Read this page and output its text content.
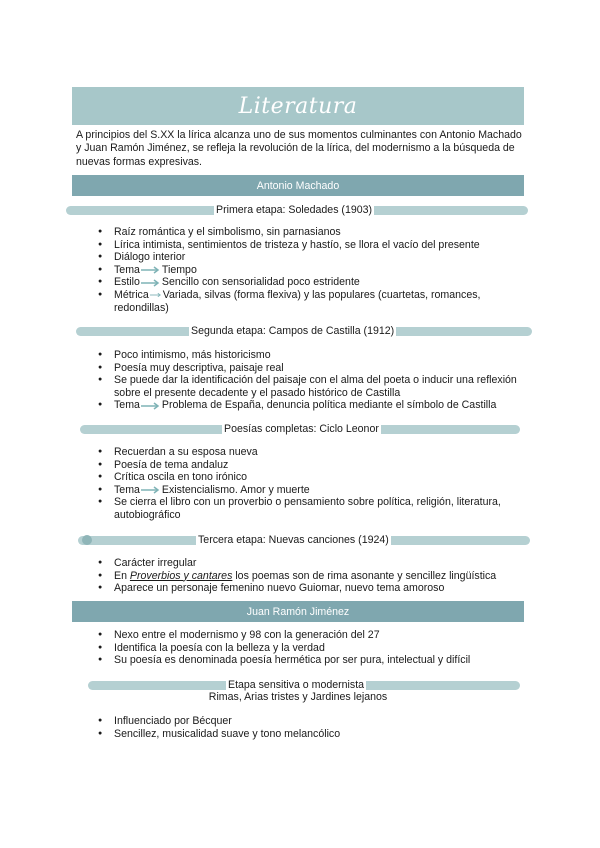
Literatura
A principios del S.XX la lírica alcanza uno de sus momentos culminantes con Antonio Machado y Juan Ramón Jiménez, se refleja la revolución de la lírica, del modernismo a la búsqueda de nuevas formas expresivas.
Antonio Machado
Primera etapa: Soledades (1903)
● Raíz romántica y el simbolismo, sin parnasianos
● Lírica intimista, sentimientos de tristeza y hastío, se llora el vacío del presente
● Diálogo interior
● Tema Tiempo
● Estilo Sencillo con sensorialidad poco estridente
● Métrica Variada, silvas (forma flexiva) y las populares (cuartetas, romances, redondillas)
Segunda etapa: Campos de Castilla (1912)
● Poco intimismo, más historicismo
● Poesía muy descriptiva, paisaje real
● Se puede dar la identificación del paisaje con el alma del poeta o inducir una reflexión sobre el presente decadente y el pasado histórico de Castilla
● Tema Problema de España, denuncia política mediante el símbolo de Castilla
Poesías completas: Ciclo Leonor
● Recuerdan a su esposa nueva
● Poesía de tema andaluz
● Crítica oscila en tono irónico
● Tema Existencialismo. Amor y muerte
● Se cierra el libro con un proverbio o pensamiento sobre política, religión, literatura, autobiográfico
Tercera etapa: Nuevas canciones (1924)
● Carácter irregular
● En Proverbios y cantares los poemas son de rima asonante y sencillez lingüística
● Aparece un personaje femenino nuevo Guiomar, nuevo tema amoroso
Juan Ramón Jiménez
● Nexo entre el modernismo y 98 con la generación del 27
● Identifica la poesía con la belleza y la verdad
● Su poesía es denominada poesía hermética por ser pura, intelectual y difícil
Etapa sensitiva o modernista
Rimas, Arias tristes y Jardines lejanos
● Influenciado por Bécquer
● Sencillez, musicalidad suave y tono melancólico
